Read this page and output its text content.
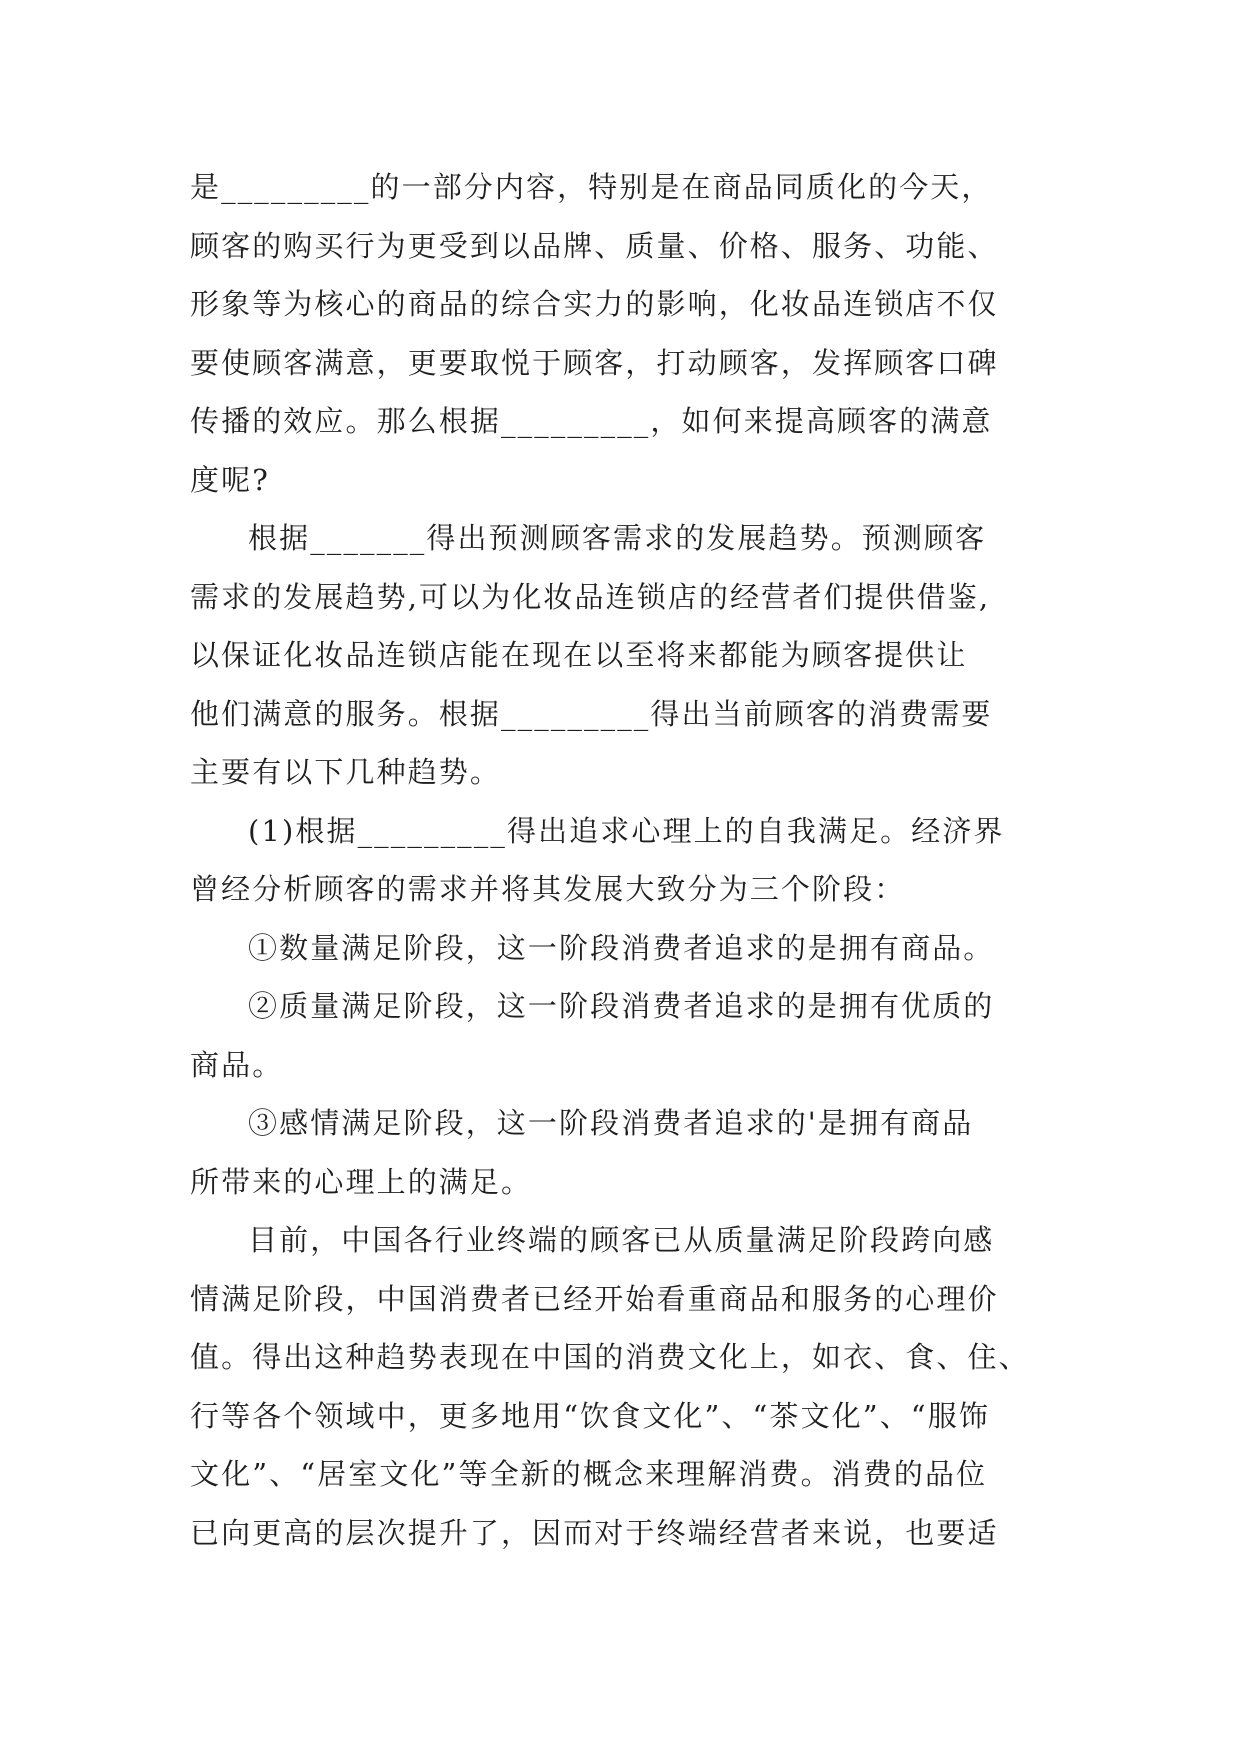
是_________的一部分内容，特别是在商品同质化的今天，
顾客的购买行为更受到以品牌、质量、价格、服务、功能、
形象等为核心的商品的综合实力的影响，化妆品连锁店不仅
要使顾客满意，更要取悦于顾客，打动顾客，发挥顾客口碑
传播的效应。那么根据_________，如何来提高顾客的满意
度呢?

根据_______得出预测顾客需求的发展趋势。预测顾客
需求的发展趋势,可以为化妆品连锁店的经营者们提供借鉴,
以保证化妆品连锁店能在现在以至将来都能为顾客提供让
他们满意的服务。根据_________得出当前顾客的消费需要
主要有以下几种趋势。

(1)根据_________得出追求心理上的自我满足。经济界
曾经分析顾客的需求并将其发展大致分为三个阶段：

①数量满足阶段，这一阶段消费者追求的是拥有商品。

②质量满足阶段，这一阶段消费者追求的是拥有优质的
商品。

③感情满足阶段，这一阶段消费者追求的'是拥有商品
所带来的心理上的满足。

目前，中国各行业终端的顾客已从质量满足阶段跨向感
情满足阶段，中国消费者已经开始看重商品和服务的心理价
值。得出这种趋势表现在中国的消费文化上，如衣、食、住、
行等各个领域中，更多地用“饮食文化”、“茶文化”、“服饰
文化”、“居室文化”等全新的概念来理解消费。消费的品位
已向更高的层次提升了，因而对于终端经营者来说，也要适
